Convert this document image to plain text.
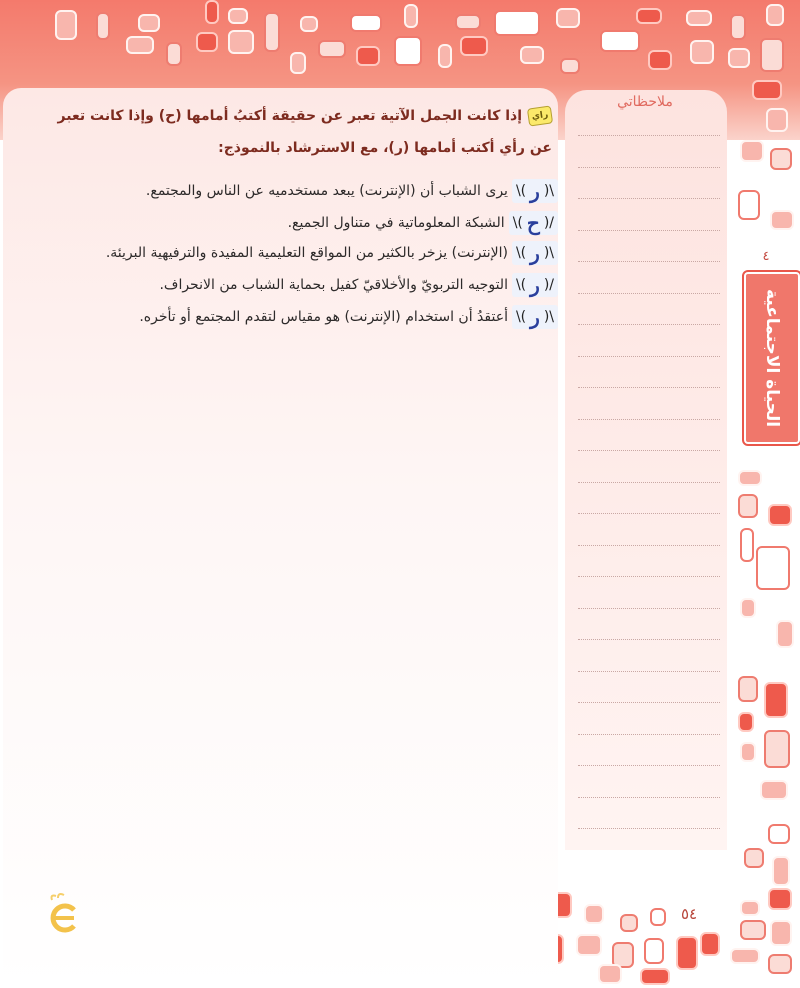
رايإذا كانت الجمل الآتية تعبر عن حقيقة أكتبُ أمامها (ح) وإذا كانت تعبر عن رأي أكتب أمامها (ر)، مع الاسترشاد بالنموذج:
\(
ر
)\
يرى الشباب أن (الإنترنت) يبعد مستخدميه عن الناس والمجتمع.
/(
ح
)\
الشبكة المعلوماتية في متناول الجميع.
\(
ر
)\
(الإنترنت) يزخر بالكثير من المواقع التعليمية المفيدة والترفيهية البريئة.
/(
ر
)\
التوجيه التربويّ والأخلاقيّ كفيل بحماية الشباب من الانحراف.
\(
ر
)\
أعتقدُ أن استخدام (الإنترنت) هو مقياس لتقدم المجتمع أو تأخره.
ملاحظاتي
٤
الحياة الاجتماعية
٥٤
